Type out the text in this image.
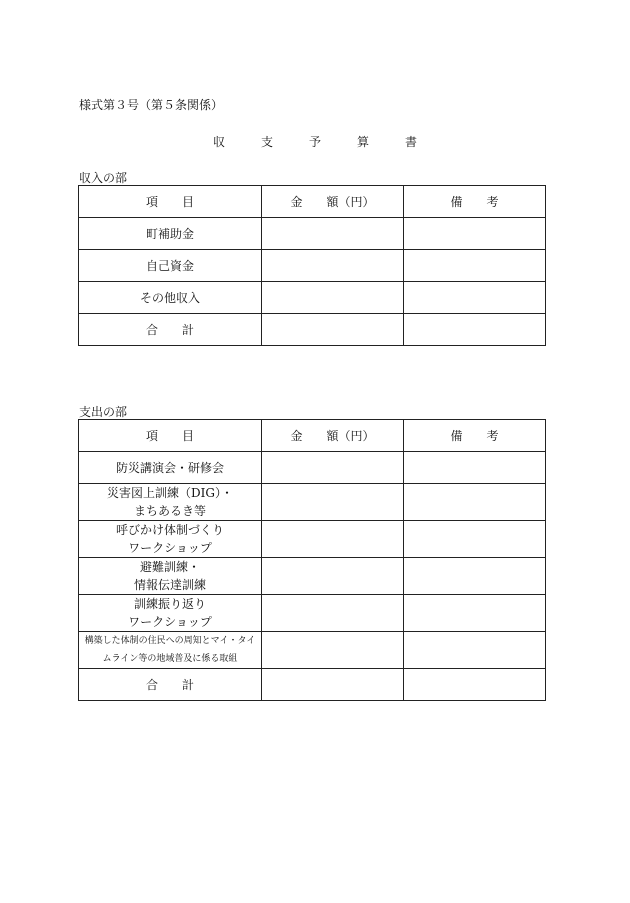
様式第３号（第５条関係）
収　支　予　算　書
収入の部
項　　目	金　　額（円）	備　　考
町補助金		
自己資金		
その他収入		
合　　計		
支出の部
項　　目	金　　額（円）	備　　考
防災講演会・研修会		

災害図上訓練（DIG）・
まちあるき等		

呼びかけ体制づくり
ワークショップ		

避難訓練・
情報伝達訓練		

訓練振り返り
ワークショップ		

構築した体制の住民への周知とマイ・タイ
ムライン等の地域普及に係る取組		

合　　計		
